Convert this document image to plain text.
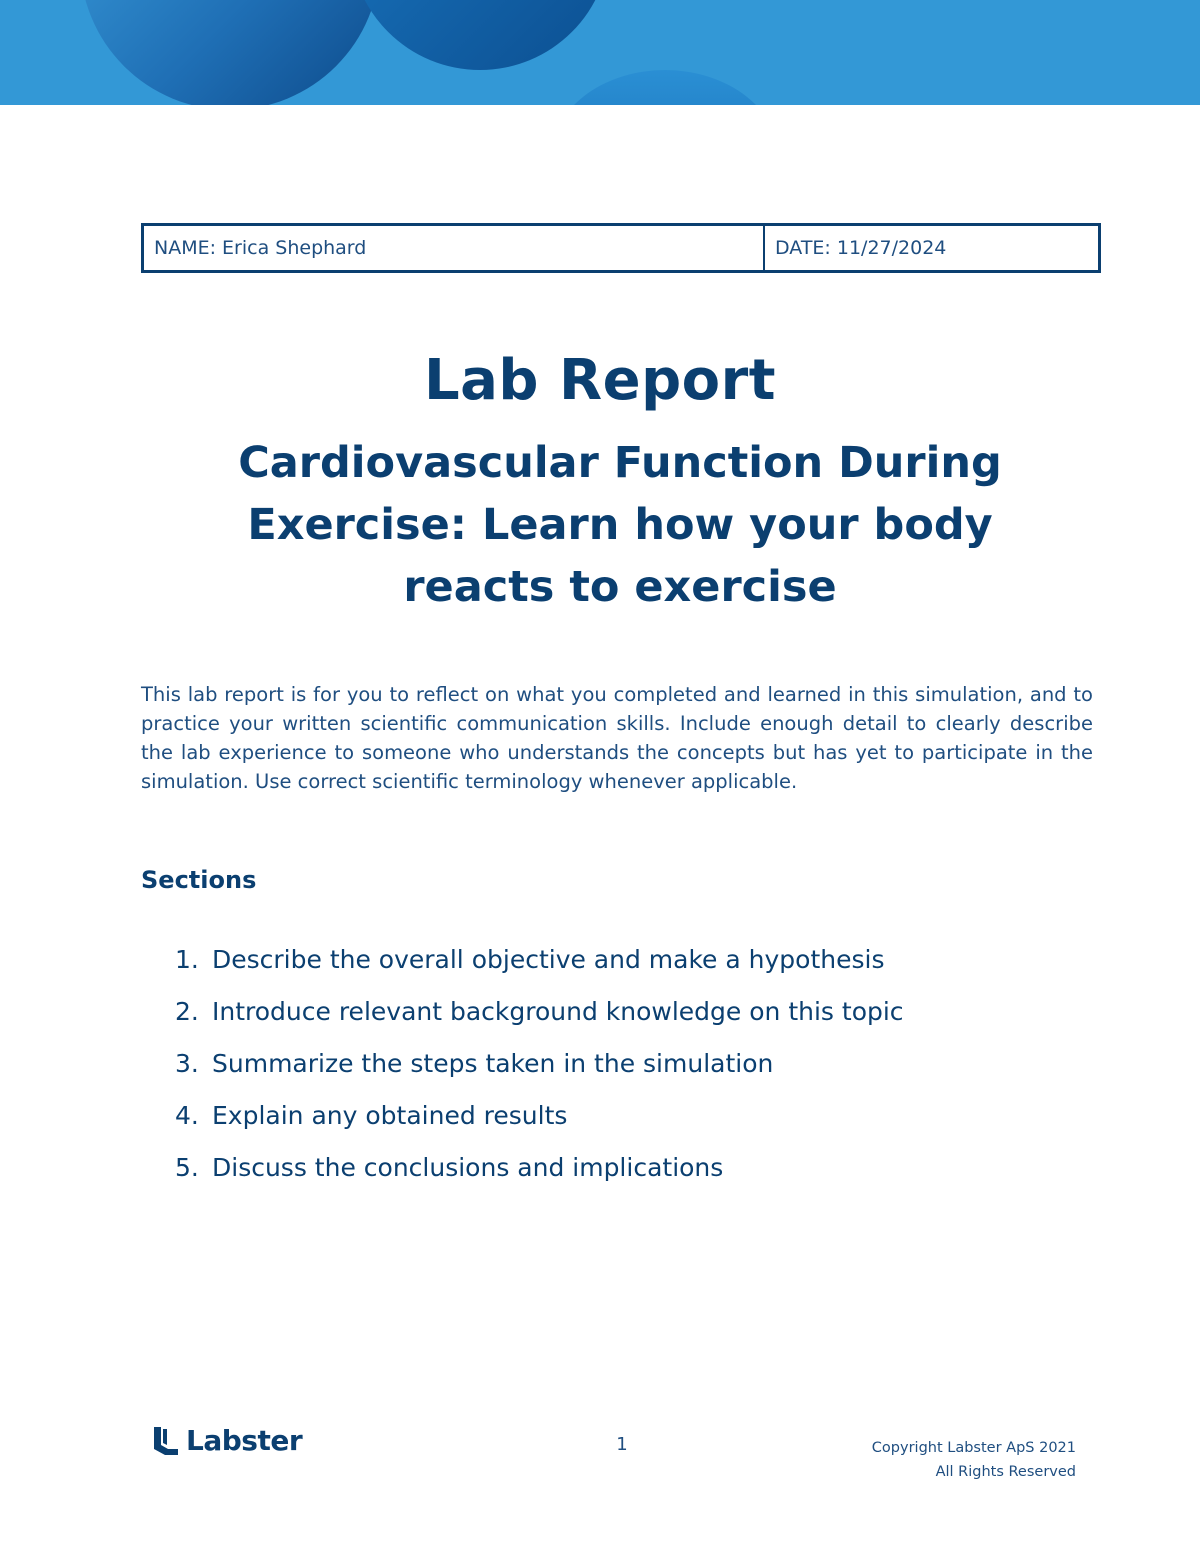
NAME: Erica Shephard	DATE: 11/27/2024
Lab Report
Cardiovascular Function During Exercise: Learn how your body reacts to exercise

This lab report is for you to reflect on what you completed and learned in this simulation, and to practice your written scientific communication skills. Include enough detail to clearly describe the lab experience to someone who understands the concepts but has yet to participate in the simulation. Use correct scientific terminology whenever applicable.

Sections
1. Describe the overall objective and make a hypothesis
2. Introduce relevant background knowledge on this topic
3. Summarize the steps taken in the simulation
4. Explain any obtained results
5. Discuss the conclusions and implications
Labster	1	Copyright Labster ApS 2021
All Rights Reserved
